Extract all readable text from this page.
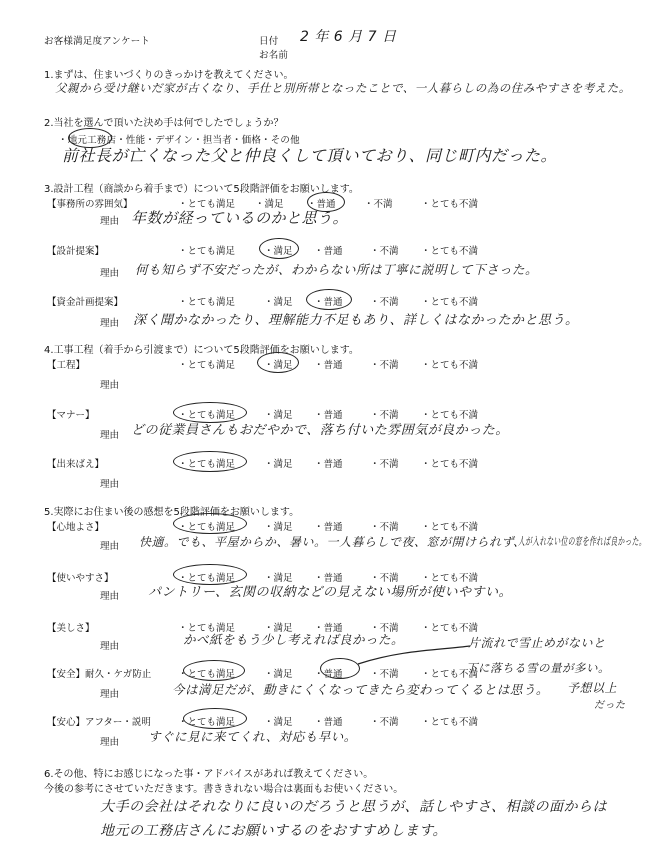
お客様満足度アンケート	日付 2 年 6 月 7 日
お名前
1.まずは、住まいづくりのきっかけを教えてください。
父親から受け継いだ家が古くなり、手仕と別所帯となったことで、一人暮らしの為の住みやすさを考えた。
2.当社を選んで頂いた決め手は何でしたでしょうか？
・地元工務店・性能・デザイン・担当者・価格・その他
前社長が亡くなった父と仲良くして頂いており、同じ町内だった。
3.設計工程（商談から着手まで）について5段階評価をお願いします。
【事務所の雰囲気】	・とても満足 ・満足 ・普通	・不満	・とても不満
理由 年数が経っているのかと思う。
【設計提案】	・とても満足	・満足 ・普通	・不満 ・とても不満
理由 何も知らず不安だったが、わからない所は丁寧に説明して下さった。
【資金計画提案】	・とても満足	・満足 ・普通	・不満 ・とても不満
理由 深く聞かなかったり、理解能力不足もあり、詳しくはなかったかと思う。
4.工事工程（着手から引渡まで）について5段階評価をお願いします。
【工程】	・とても満足	・満足 ・普通	・不満 ・とても不満
理由
【マナー】	・とても満足	・満足 ・普通	・不満 ・とても不満
理由 どの従業員さんもおだやかで、落ち付いた雰囲気が良かった。
【出来ばえ】	・とても満足	・満足 ・普通	・不満 ・とても不満
理由
5.実際にお住まい後の感想を5段階評価をお願いします。
【心地よさ】	・とても満足	・満足 ・普通	・不満 ・とても不満
理由 快適。でも、平屋からか、暑い。一人暮らしで夜、窓が開けられず、
人が入れない位の窓を作れば良かった。
【使いやすさ】	・とても満足	・満足 ・普通	・不満 ・とても不満
理由 パントリー、玄関の収納などの見えない場所が使いやすい。
【美しさ】	・とても満足	・満足 ・普通	・不満 ・とても不満
理由	かべ紙をもう少し考えれば良かった。
【安全】耐久・ケガ防止	・とても満足	・満足 ・普通	・不満 ・とても不満
理由	今は満足だが、動きにくくなってきたら変わってくるとは思う。
片流れで雪止めがないと
下に落ちる雪の量が多い。
予想以上
だった
【安心】アフター・説明	・とても満足	・満足 ・普通	・不満 ・とても不満
理由 すぐに見に来てくれ、対応も早い。
6.その他、特にお感じになった事・アドバイスがあれば教えてください。
今後の参考にさせていただきます。書ききれない場合は裏面もお使いください。
大手の会社はそれなりに良いのだろうと思うが、話しやすさ、相談の面からは
地元の工務店さんにお願いするのをおすすめします。
